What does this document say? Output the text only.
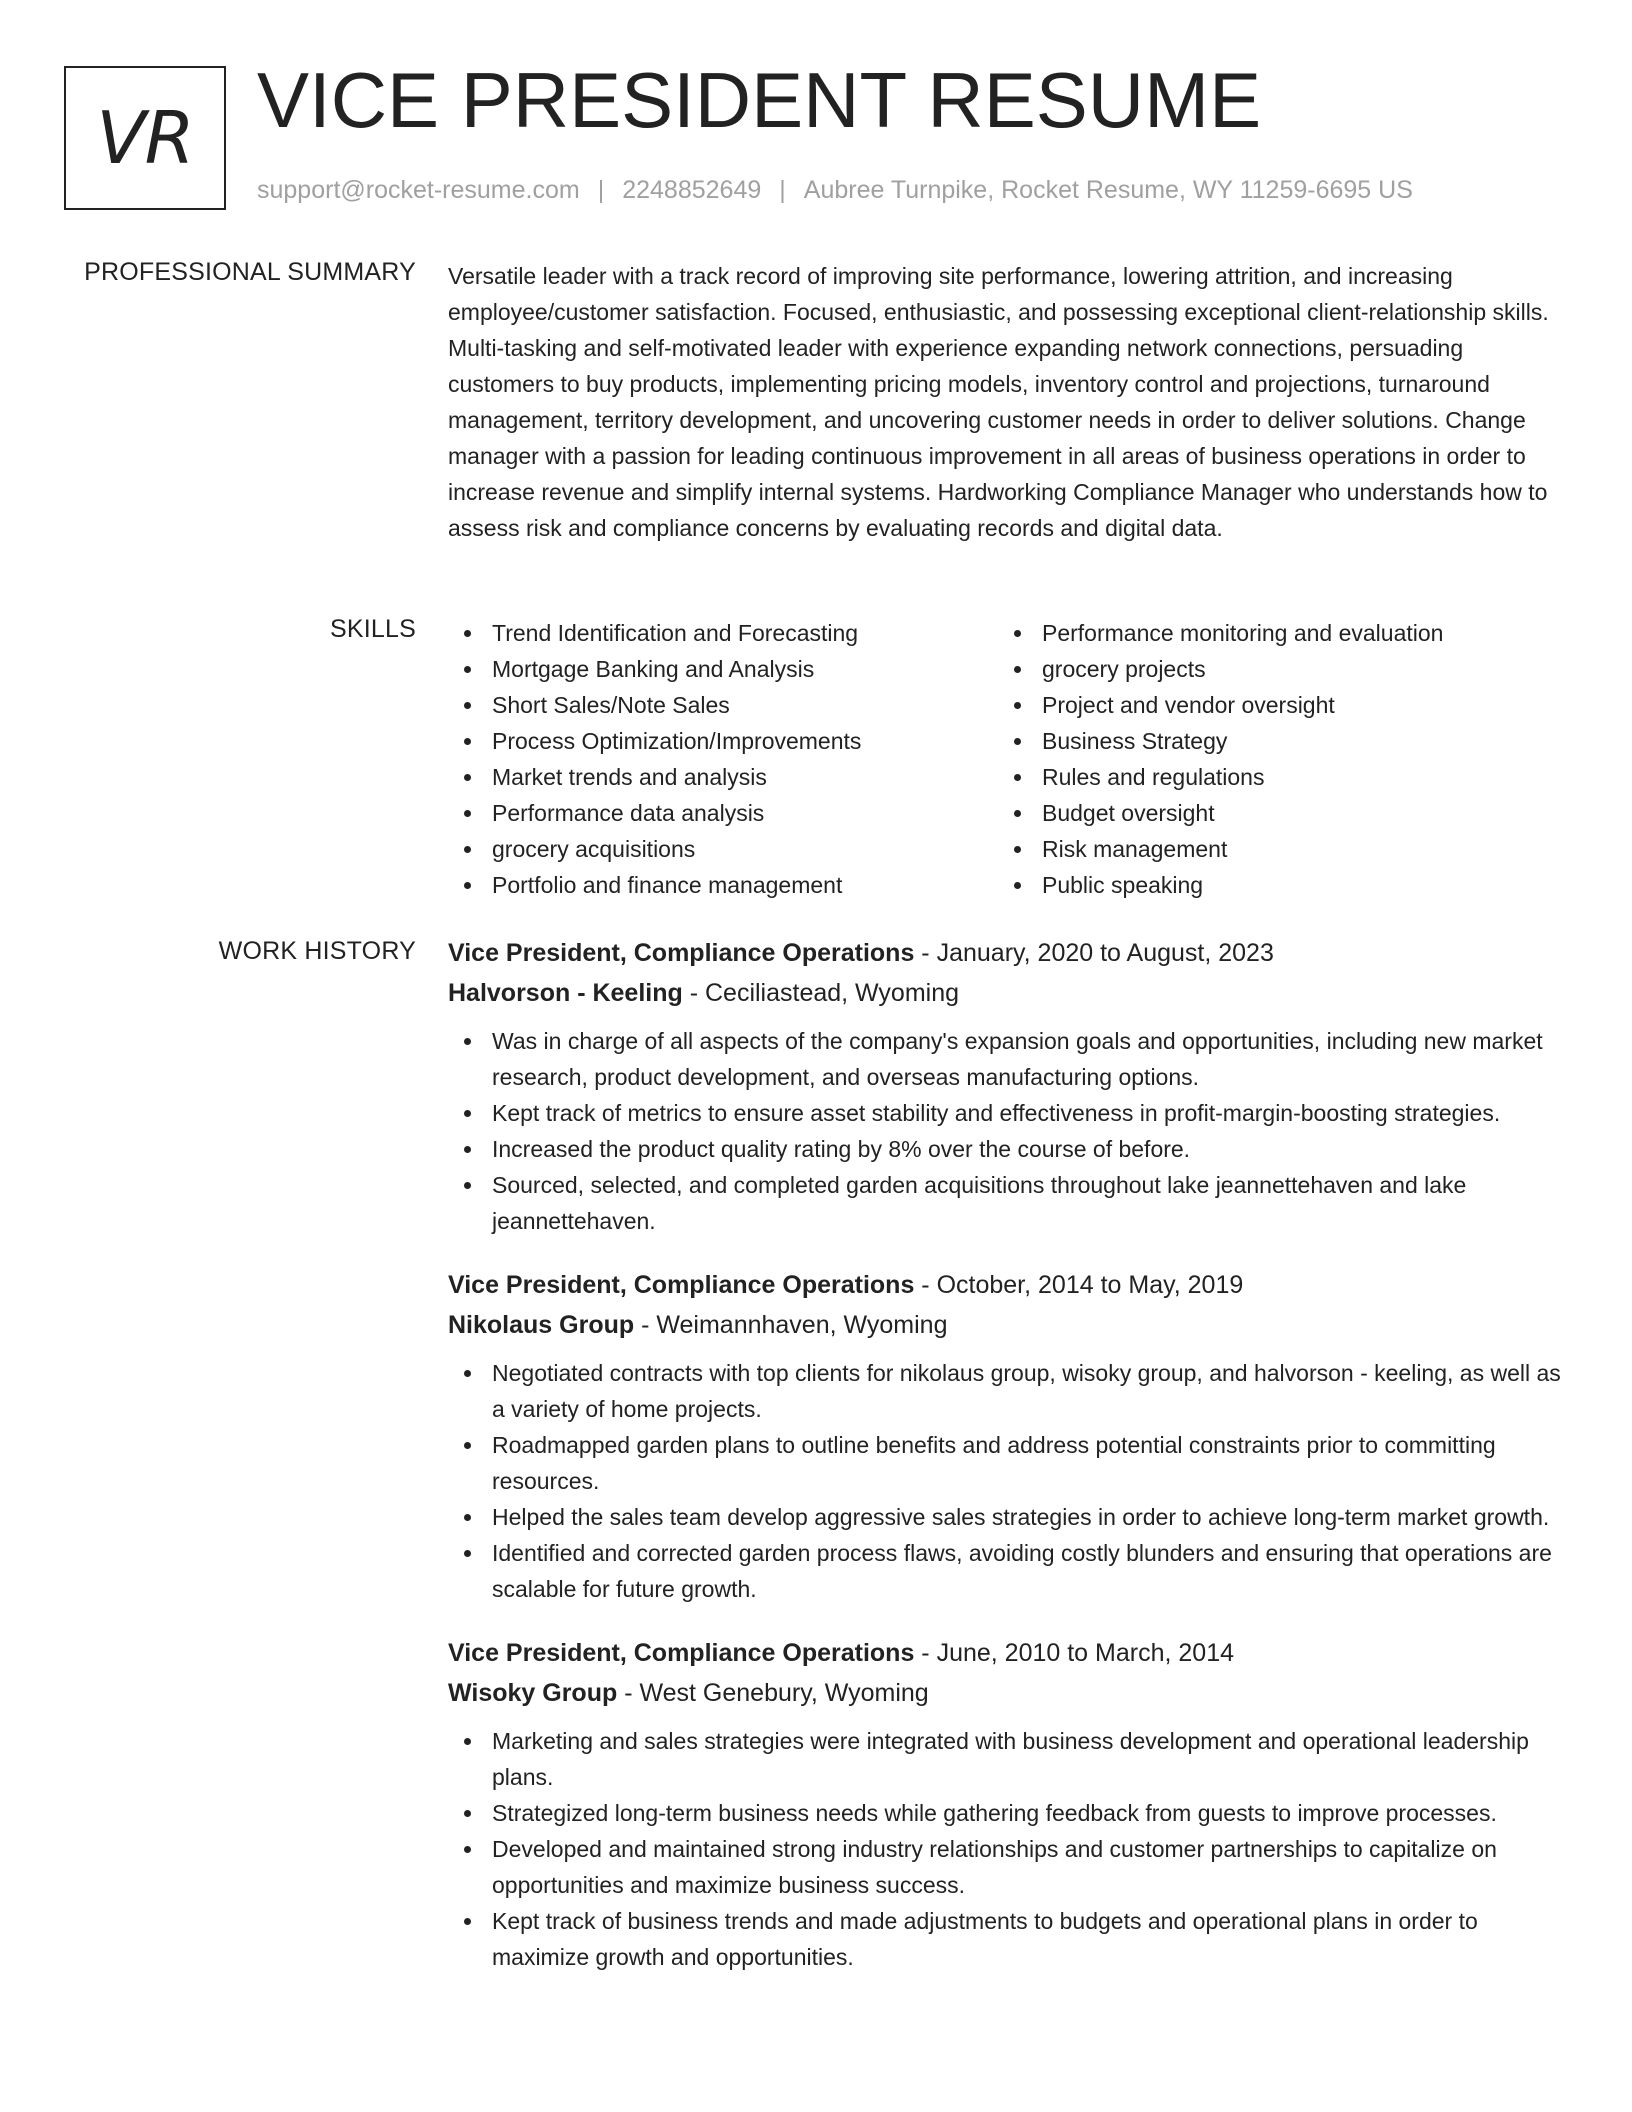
VR VICE PRESIDENT RESUME
support@rocket-resume.com | 2248852649 | Aubree Turnpike, Rocket Resume, WY 11259-6695 US
PROFESSIONAL SUMMARY Versatile leader with a track record of improving site performance, lowering attrition, and increasing employee/customer satisfaction. Focused, enthusiastic, and possessing exceptional client-relationship skills. Multi-tasking and self-motivated leader with experience expanding network connections, persuading customers to buy products, implementing pricing models, inventory control and projections, turnaround management, territory development, and uncovering customer needs in order to deliver solutions. Change manager with a passion for leading continuous improvement in all areas of business operations in order to increase revenue and simplify internal systems. Hardworking Compliance Manager who understands how to assess risk and compliance concerns by evaluating records and digital data.
SKILLS	Trend Identification and Forecasting
Mortgage Banking and Analysis
Short Sales/Note Sales
Process Optimization/Improvements
Market trends and analysis
Performance data analysis
grocery acquisitions
Portfolio and finance management
Performance monitoring and evaluation
grocery projects
Project and vendor oversight
Business Strategy
Rules and regulations
Budget oversight
Risk management
Public speaking
WORK HISTORY Vice President, Compliance Operations - January, 2020 to August, 2023
Halvorson - Keeling - Ceciliastead, Wyoming
Was in charge of all aspects of the company's expansion goals and opportunities, including new market research, product development, and overseas manufacturing options.
Kept track of metrics to ensure asset stability and effectiveness in profit-margin-boosting strategies.
Increased the product quality rating by 8% over the course of before.
Sourced, selected, and completed garden acquisitions throughout lake jeannettehaven and lake jeannettehaven.
Vice President, Compliance Operations - October, 2014 to May, 2019
Nikolaus Group - Weimannhaven, Wyoming
Negotiated contracts with top clients for nikolaus group, wisoky group, and halvorson - keeling, as well as a variety of home projects.
Roadmapped garden plans to outline benefits and address potential constraints prior to committing resources.
Helped the sales team develop aggressive sales strategies in order to achieve long-term market growth.
Identified and corrected garden process flaws, avoiding costly blunders and ensuring that operations are scalable for future growth.
Vice President, Compliance Operations - June, 2010 to March, 2014
Wisoky Group - West Genebury, Wyoming
Marketing and sales strategies were integrated with business development and operational leadership plans.
Strategized long-term business needs while gathering feedback from guests to improve processes.
Developed and maintained strong industry relationships and customer partnerships to capitalize on opportunities and maximize business success.
Kept track of business trends and made adjustments to budgets and operational plans in order to maximize growth and opportunities.
